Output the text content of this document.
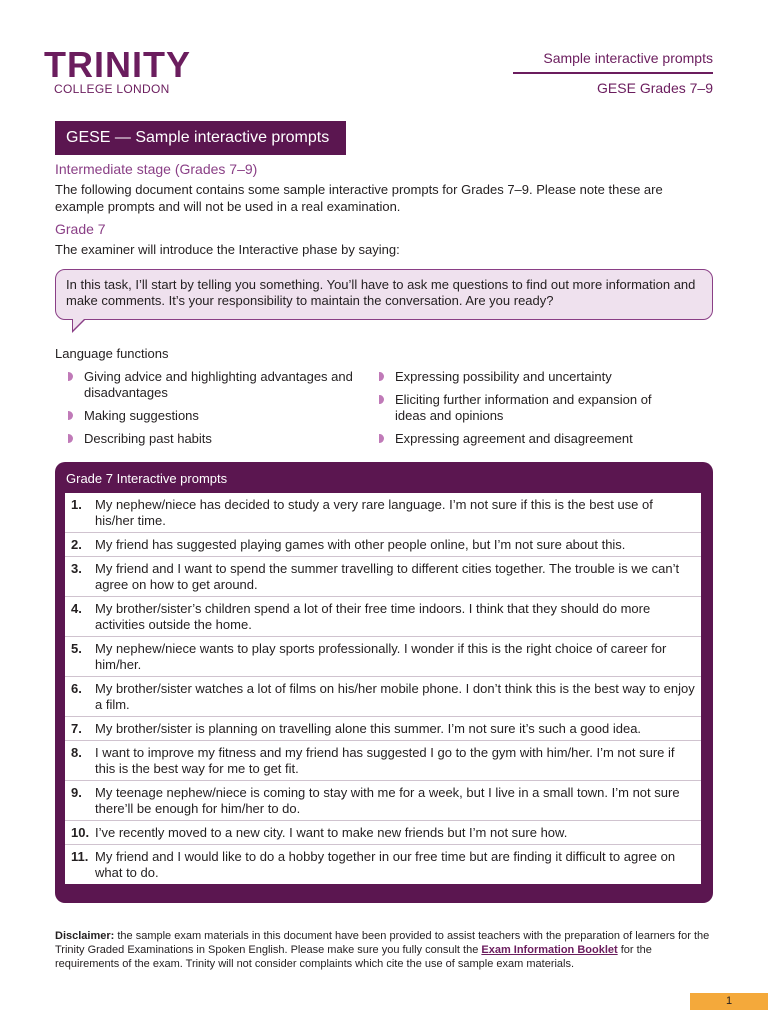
TRINITY
COLLEGE LONDON
Sample interactive prompts
GESE Grades 7–9
GESE — Sample interactive prompts
Intermediate stage (Grades 7–9)
The following document contains some sample interactive prompts for Grades 7–9. Please note these are example prompts and will not be used in a real examination.
Grade 7
The examiner will introduce the Interactive phase by saying:
In this task, I’ll start by telling you something. You’ll have to ask me questions to find out more information and make comments. It’s your responsibility to maintain the conversation. Are you ready?
Language functions
Giving advice and highlighting advantages and disadvantages
Making suggestions
Describing past habits
Expressing possibility and uncertainty
Eliciting further information and expansion of ideas and opinions
Expressing agreement and disagreement
Grade 7 Interactive prompts
1. My nephew/niece has decided to study a very rare language. I’m not sure if this is the best use of his/her time.
2. My friend has suggested playing games with other people online, but I’m not sure about this.
3. My friend and I want to spend the summer travelling to different cities together. The trouble is we can’t agree on how to get around.
4. My brother/sister’s children spend a lot of their free time indoors. I think that they should do more activities outside the home.
5. My nephew/niece wants to play sports professionally. I wonder if this is the right choice of career for him/her.
6. My brother/sister watches a lot of films on his/her mobile phone. I don’t think this is the best way to enjoy a film.
7. My brother/sister is planning on travelling alone this summer. I’m not sure it’s such a good idea.
8. I want to improve my fitness and my friend has suggested I go to the gym with him/her. I’m not sure if this is the best way for me to get fit.
9. My teenage nephew/niece is coming to stay with me for a week, but I live in a small town. I’m not sure there’ll be enough for him/her to do.
10. I’ve recently moved to a new city. I want to make new friends but I’m not sure how.
11. My friend and I would like to do a hobby together in our free time but are finding it difficult to agree on what to do.
Disclaimer: the sample exam materials in this document have been provided to assist teachers with the preparation of learners for the Trinity Graded Examinations in Spoken English. Please make sure you fully consult the Exam Information Booklet for the requirements of the exam. Trinity will not consider complaints which cite the use of sample exam materials.
1
